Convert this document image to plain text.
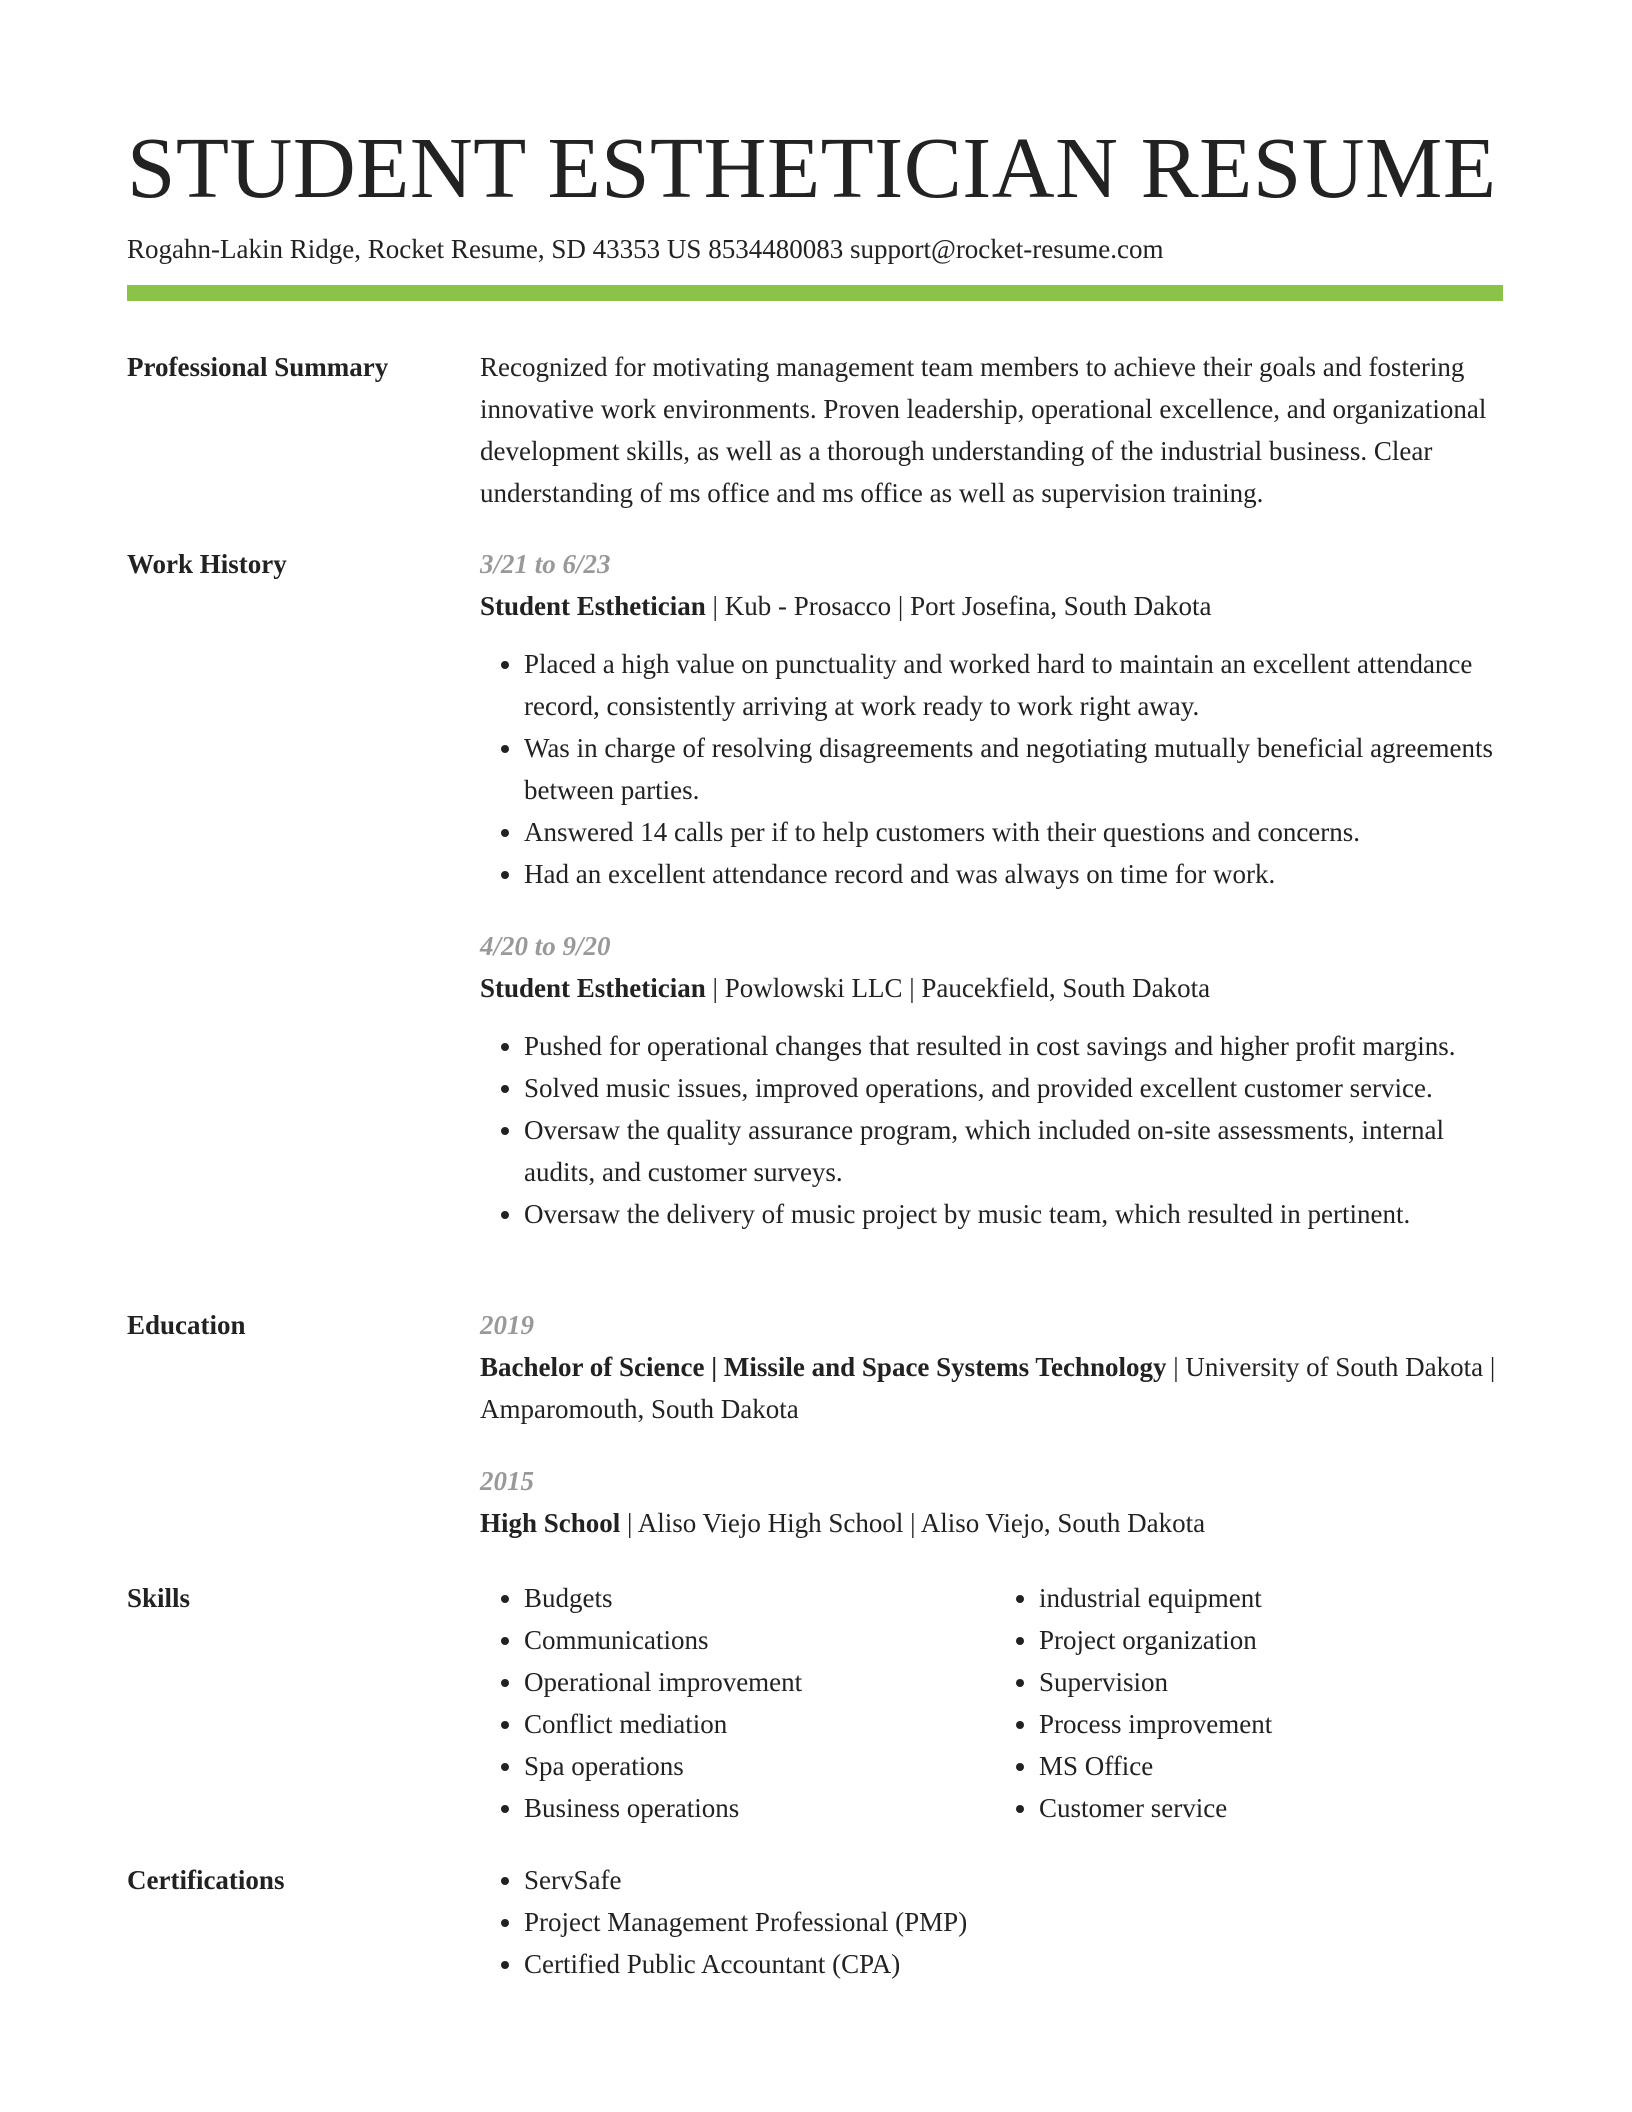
STUDENT ESTHETICIAN RESUME
Rogahn-Lakin Ridge, Rocket Resume, SD 43353 US 8534480083 support@rocket-resume.com
Professional Summary	Recognized for motivating management team members to achieve their goals and fostering innovative work environments. Proven leadership, operational excellence, and organizational development skills, as well as a thorough understanding of the industrial business. Clear understanding of ms office and ms office as well as supervision training.
Work History	3/21 to 6/23

Student Esthetician | Kub - Prosacco | Port Josefina, South Dakota

• Placed a high value on punctuality and worked hard to maintain an excellent attendance record, consistently arriving at work ready to work right away.
• Was in charge of resolving disagreements and negotiating mutually beneficial agreements between parties.
• Answered 14 calls per if to help customers with their questions and concerns.
• Had an excellent attendance record and was always on time for work.
4/20 to 9/20

Student Esthetician | Powlowski LLC | Paucekfield, South Dakota

• Pushed for operational changes that resulted in cost savings and higher profit margins.
• Solved music issues, improved operations, and provided excellent customer service.
• Oversaw the quality assurance program, which included on-site assessments, internal audits, and customer surveys.
• Oversaw the delivery of music project by music team, which resulted in pertinent.
Education	2019
Bachelor of Science | Missile and Space Systems Technology | University of South Dakota | Amparomouth, South Dakota
2015
High School | Aliso Viejo High School | Aliso Viejo, South Dakota
Skills	• Budgets
• Communications
• Operational improvement
• Conflict mediation
• Spa operations
• Business operations
• industrial equipment
• Project organization
• Supervision
• Process improvement
• MS Office
• Customer service
Certifications	• ServSafe
• Project Management Professional (PMP)
• Certified Public Accountant (CPA)
